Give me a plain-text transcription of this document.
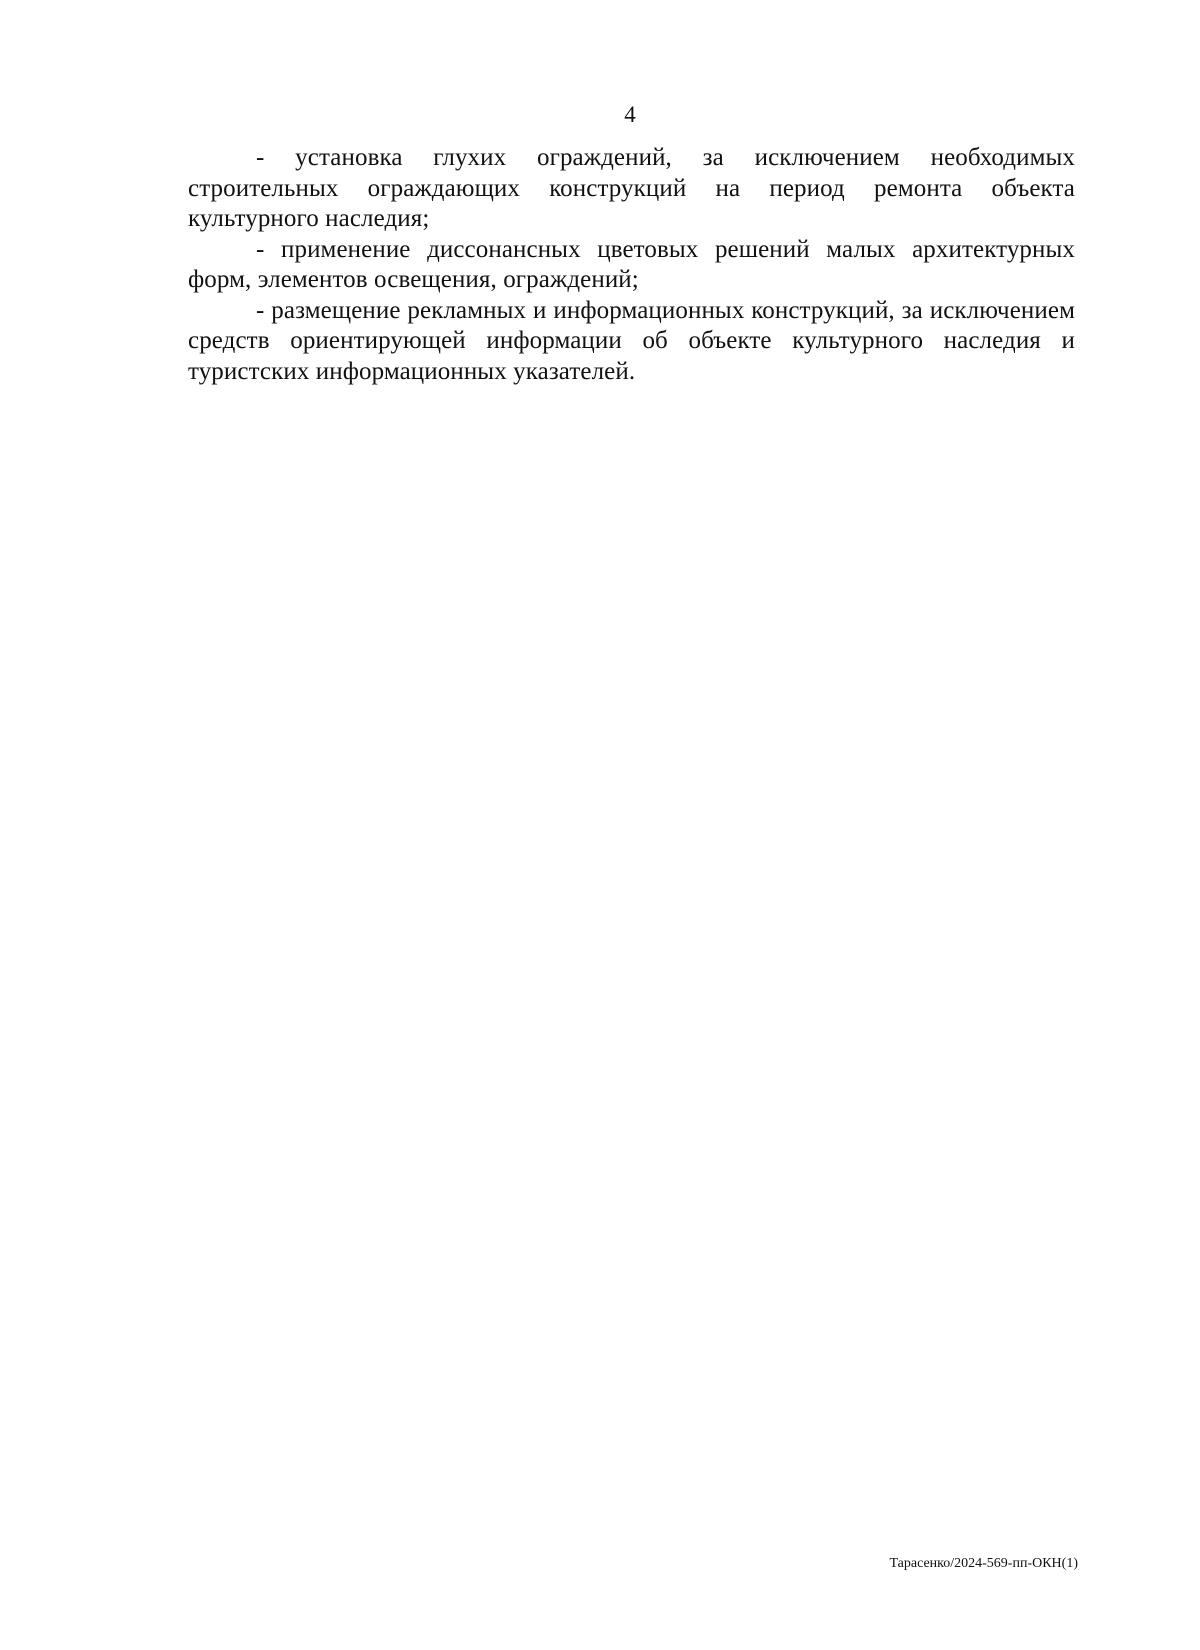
4

- установка глухих ограждений, за исключением необходимых строительных ограждающих конструкций на период ремонта объекта культурного наследия;

- применение диссонансных цветовых решений малых архитектурных форм, элементов освещения, ограждений;

- размещение рекламных и информационных конструкций, за исключением средств ориентирующей информации об объекте культурного наследия и туристских информационных указателей.

Тарасенко/2024-569-пп-ОКН(1)
